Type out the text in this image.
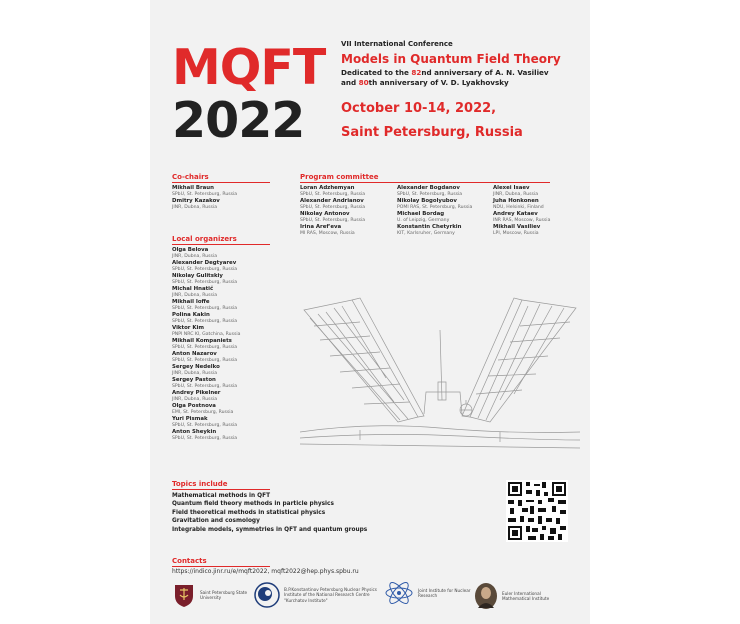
MQFT
2022
VII International Conference
Models in Quantum Field Theory
Dedicated to the 82nd anniversary of A. N. Vasiliev
and 80th anniversary of V. D. Lyakhovsky
October 10-14, 2022,
Saint Petersburg, Russia
Co-chairs
Mikhail Braun
SPbU, St. Petersburg, Russia
Dmitry Kazakov
JINR, Dubna, Russia
Program committee
Loran Adzhemyan
SPbU, St. Petersburg, Russia
Alexander Andrianov
SPbU, St. Petersburg, Russia
Nikolay Antonov
SPbU, St. Petersburg, Russia
Irina Aref'eva
MI RAS, Moscow, Russia
Alexander Bogdanov
SPbU, St. Petersburg, Russia
Nikolay Bogolyubov
POMI RAS, St. Petersburg, Russia
Michael Bordag
U. of Leipzig, Germany
Konstantin Chetyrkin
KIT, Karlsruher, Germany
Alexei Isaev
JINR, Dubna, Russia
Juha Honkonen
NDU, Helsinki, Finland
Andrey Kataev
INR RAS, Moscow, Russia
Mikhail Vasiliev
LPI, Moscow, Russia
Local organizers
Olga Belova
JINR, Dubna, Russia
Alexander Degtyarev
SPbU, St. Petersburg, Russia
Nikolay Gulitskiy
SPbU, St. Petersburg, Russia
Michal Hnatič
JINR, Dubna, Russia
Mikhail Ioffe
SPbU, St. Petersburg, Russia
Polina Kakin
SPbU, St. Petersburg, Russia
Viktor Kim
PNPI NRC KI, Gatchina, Russia
Mikhail Kompaniets
SPbU, St. Petersburg, Russia
Anton Nazarov
SPbU, St. Petersburg, Russia
Sergey Nedelko
JINR, Dubna, Russia
Sergey Paston
SPbU, St. Petersburg, Russia
Andrey Pikelner
JINR, Dubna, Russia
Olga Postnova
EMI, St. Petersburg, Russia
Yuri Pismak
SPbU, St. Petersburg, Russia
Anton Sheykin
SPbU, St. Petersburg, Russia
Topics include
Mathematical methods in QFT
Quantum field theory methods in particle physics
Field theoretical methods in statistical physics
Gravitation and cosmology
Integrable models, symmetries in QFT and quantum groups
Contacts
https://indico.jinr.ru/e/mqft2022, mqft2022@hep.phys.spbu.ru
Saint Petersburg State University
B.P.Konstantinov Petersburg Nuclear Physics Institute of the National Research Centre "Kurchatov Institute"
Joint Institute for Nuclear Research	Euler International Mathematical Institute
